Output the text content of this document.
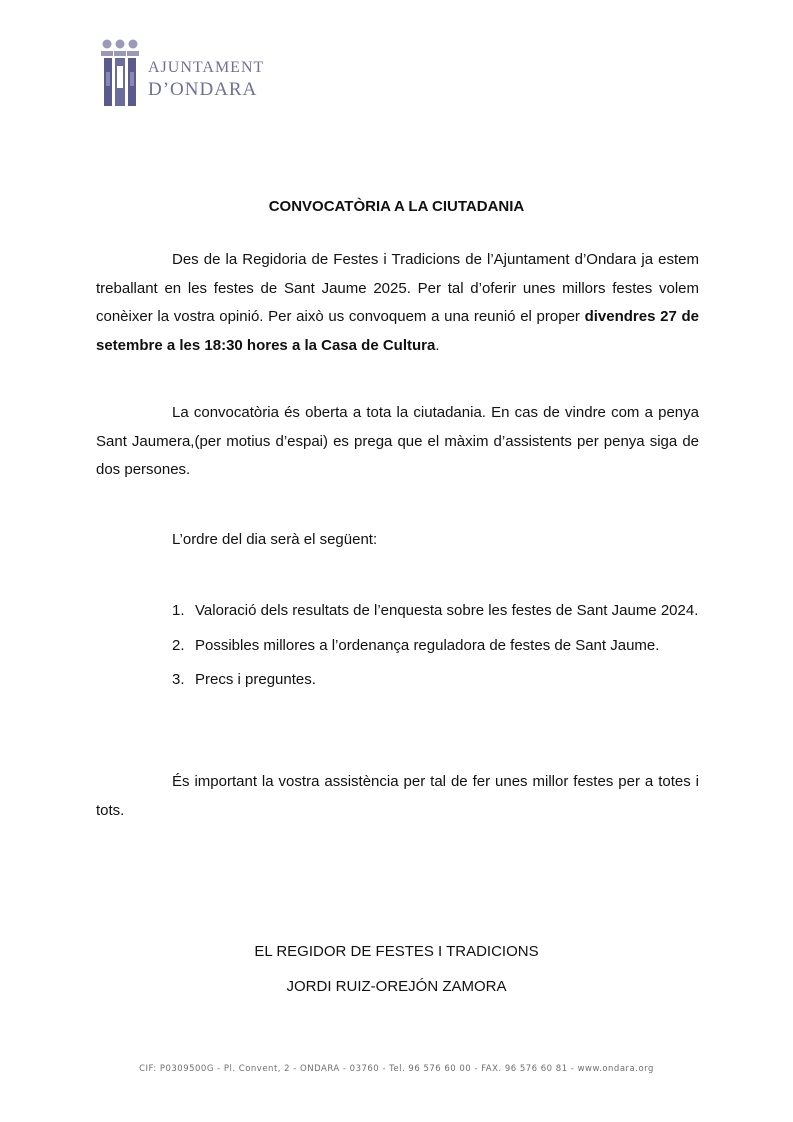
AJUNTAMENT
D’ONDARA
CONVOCATÒRIA A LA CIUTADANIA

Des de la Regidoria de Festes i Tradicions de l’Ajuntament d’Ondara ja estem treballant en les festes de Sant Jaume 2025. Per tal d’oferir unes millors festes volem conèixer la vostra opinió. Per això us convoquem a una reunió el proper divendres 27 de setembre a les 18:30 hores a la Casa de Cultura.

La convocatòria és oberta a tota la ciutadania. En cas de vindre com a penya Sant Jaumera,(per motius d’espai) es prega que el màxim d’assistents per penya siga de dos persones.

L’ordre del dia serà el següent:

1. Valoració dels resultats de l’enquesta sobre les festes de Sant Jaume 2024.
2. Possibles millores a l’ordenança reguladora de festes de Sant Jaume.
3. Precs i preguntes.

És important la vostra assistència per tal de fer unes millor festes per a totes i tots.

EL REGIDOR DE FESTES I TRADICIONS

JORDI RUIZ-OREJÓN ZAMORA

CIF: P0309500G - Pl. Convent, 2 - ONDARA - 03760 - Tel. 96 576 60 00 - FAX. 96 576 60 81 - www.ondara.org
